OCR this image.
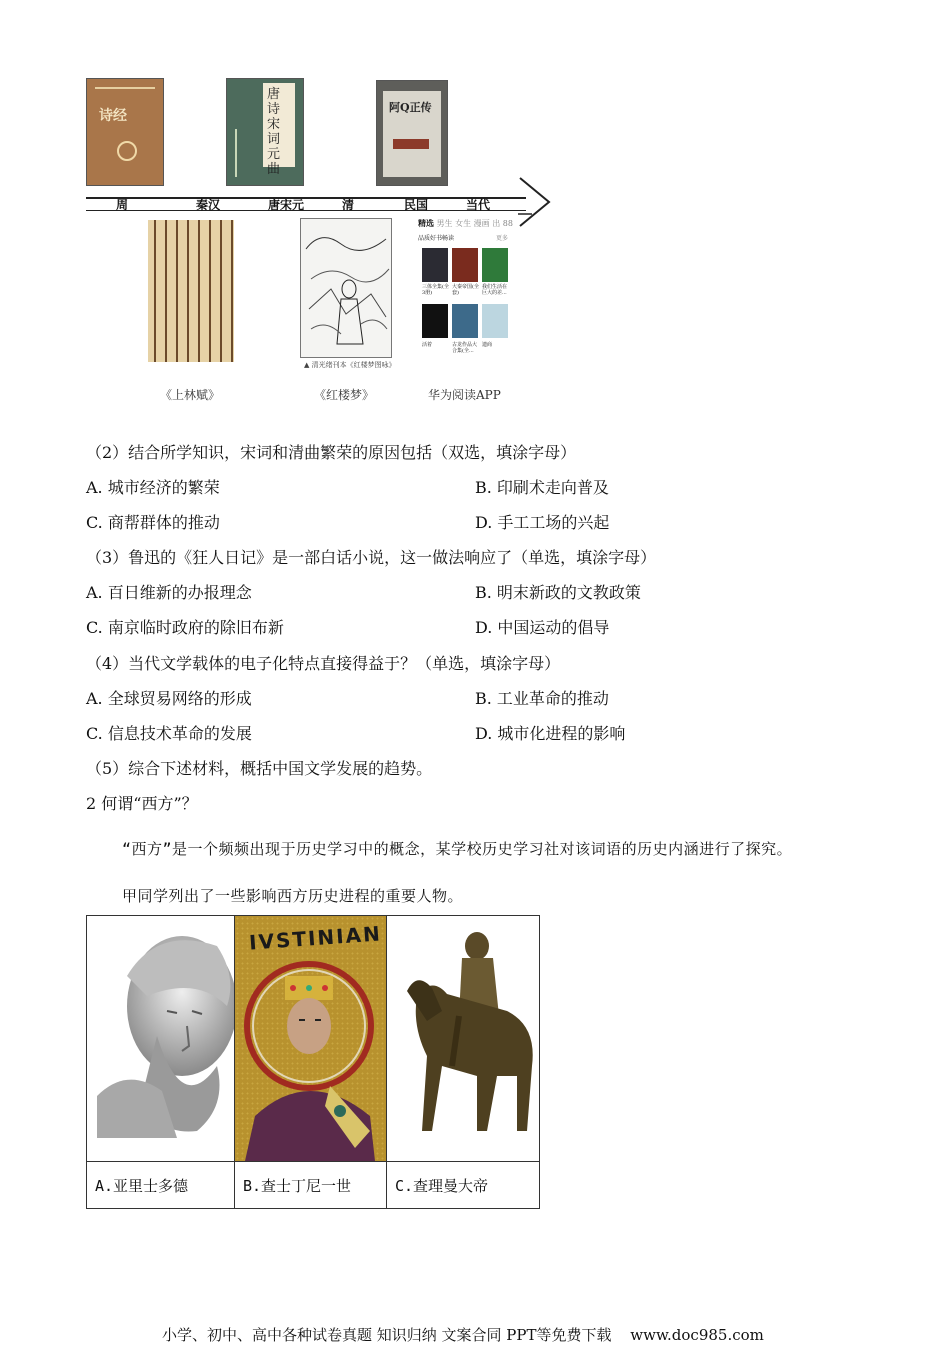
诗经
唐诗宋词元曲
阿Q正传
周	秦汉	唐宋元	清	民国	当代
▲ 清光绪刊本《红楼梦图咏》
精选 男生 女生 漫画 出 88
品质好书畅读	更多
三体全集(全3册)
大秦帝国(全套)
我们生活在巨大的差...
活着	古龙作品大合集(全...
遗商
《上林赋》	《红楼梦》	华为阅读APP
（2）结合所学知识，宋词和清曲繁荣的原因包括（双选，填涂字母）
A. 城市经济的繁荣	B. 印刷术走向普及
C. 商帮群体的推动	D. 手工工场的兴起
（3）鲁迅的《狂人日记》是一部白话小说，这一做法响应了（单选，填涂字母）
A. 百日维新的办报理念	B. 明末新政的文教政策
C. 南京临时政府的除旧布新	D. 中国运动的倡导
（4）当代文学载体的电子化特点直接得益于？（单选，填涂字母）
A. 全球贸易网络的形成	B. 工业革命的推动
C. 信息技术革命的发展	D. 城市化进程的影响
（5）综合下述材料，概括中国文学发展的趋势。
2 何谓“西方”？
“西方”是一个频频出现于历史学习中的概念，某学校历史学习社对该词语的历史内涵进行了探究。
甲同学列出了一些影响西方历史进程的重要人物。

IVSTINIAN

A.亚里士多德	B.查士丁尼一世	C.查理曼大帝
小学、初中、高中各种试卷真题 知识归纳 文案合同 PPT等免费下载 www.doc985.com
